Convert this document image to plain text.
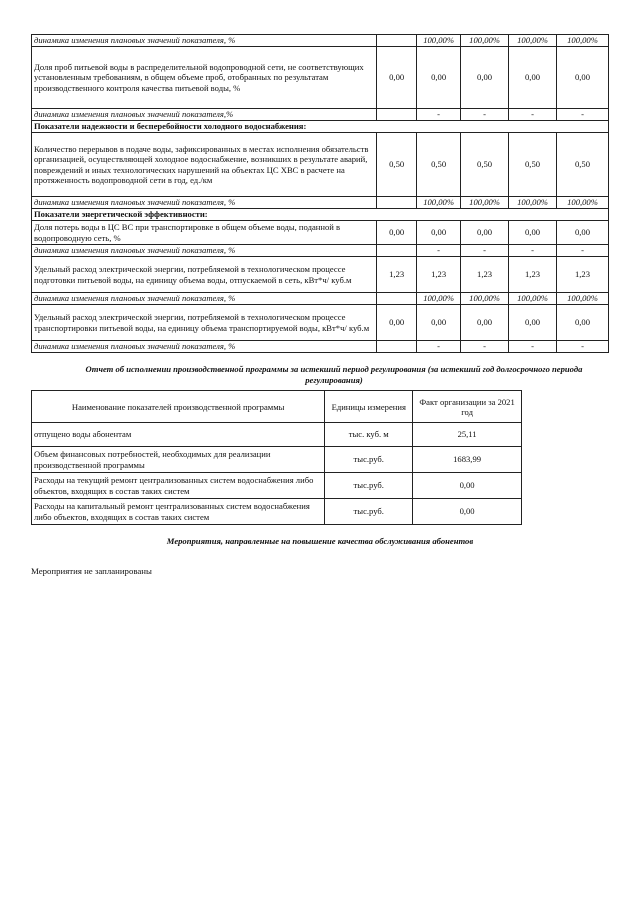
динамика изменения плановых значений показателя, %		100,00%	100,00%	100,00%	100,00%
Доля проб питьевой воды в распределительной водопроводной сети, не соответствующих установленным требованиям, в общем объеме проб, отобранных по результатам производственного контроля качества питьевой воды, %	0,00	0,00	0,00	0,00	0,00
динамика изменения плановых значений показателя,%		-	-	-	-
Показатели надежности и бесперебойности холодного водоснабжения:					
Количество перерывов в подаче воды, зафиксированных в местах исполнения обязательств организацией, осуществляющей холодное водоснабжение, возникших в результате аварий, повреждений и иных технологических нарушений на объектах ЦС ХВС в расчете на протяженность водопроводной сети в год, ед./км	0,50	0,50	0,50	0,50	0,50
динамика изменения плановых значений показателя, %		100,00%	100,00%	100,00%	100,00%
Показатели энергетической эффективности:					
Доля потерь воды в ЦС ВС при транспортировке в общем объеме воды, поданной в водопроводную сеть, %	0,00	0,00	0,00	0,00	0,00
динамика изменения плановых значений показателя, %		-	-	-	-
Удельный расход электрической энергии, потребляемой в технологическом процессе подготовки питьевой воды, на единицу объема воды, отпускаемой в сеть, кВт*ч/ куб.м	1,23	1,23	1,23	1,23	1,23
динамика изменения плановых значений показателя, %		100,00%	100,00%	100,00%	100,00%
Удельный расход электрической энергии, потребляемой в технологическом процессе транспортировки питьевой воды, на единицу объема транспортируемой воды, кВт*ч/ куб.м	0,00	0,00	0,00	0,00	0,00
динамика изменения плановых значений показателя, %		-	-	-	-
Отчет об исполнении производственной программы за истекший период регулирования (за истекший год долгосрочного периода регулирования)
Наименование показателей производственной программы	Единицы измерения	Факт организации за 2021 год
отпущено воды абонентам	тыс. куб. м	25,11
Объем финансовых потребностей, необходимых для реализации производственной программы	тыс.руб.	1683,99
Расходы на текущий ремонт централизованных систем водоснабжения либо объектов, входящих в состав таких систем	тыс.руб.	0,00
Расходы на капитальный ремонт централизованных систем водоснабжения либо объектов, входящих в состав таких систем	тыс.руб.	0,00
Мероприятия, направленные на повышение качества обслуживания абонентов
Мероприятия не запланированы
